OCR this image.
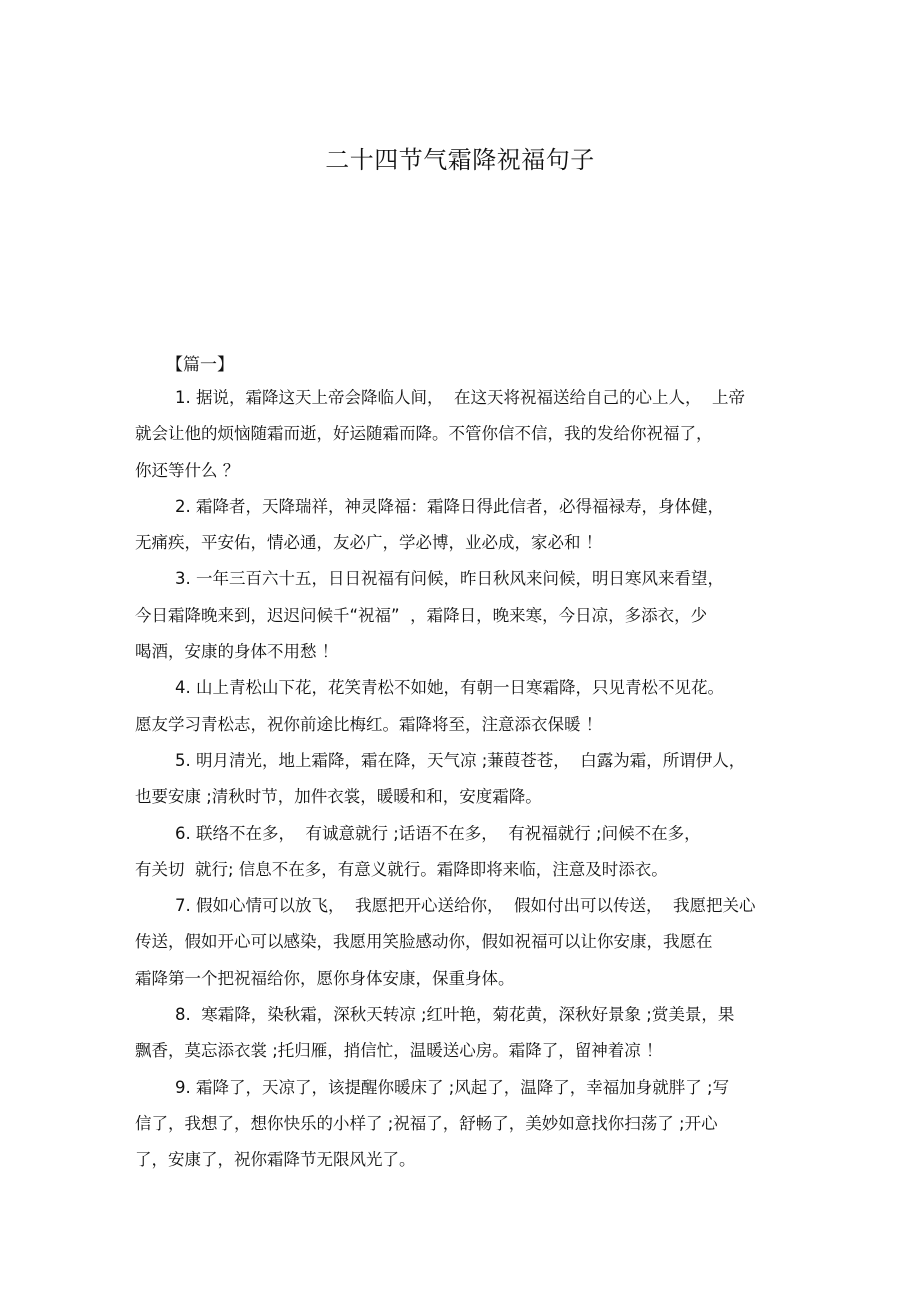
二十四节气霜降祝福句子
【篇一】
1. 据说，霜降这天上帝会降临人间，  在这天将祝福送给自己的心上人，  上帝
就会让他的烦恼随霜而逝，好运随霜而降。不管你信不信，我的发给你祝福了，
你还等什么 ？
2. 霜降者，天降瑞祥，神灵降福：霜降日得此信者，必得福禄寿，身体健，
无痛疾，平安佑，情必通，友必广，学必博，业必成，家必和 ！
3. 一年三百六十五，日日祝福有问候，昨日秋风来问候，明日寒风来看望，
今日霜降晚来到，迟迟问候千“祝福”  ，霜降日，晚来寒，今日凉，多添衣，少
喝酒，安康的身体不用愁 ！
4. 山上青松山下花，花笑青松不如她，有朝一日寒霜降，只见青松不见花。
愿友学习青松志，祝你前途比梅红。霜降将至，注意添衣保暖 ！
5. 明月清光，地上霜降，霜在降，天气凉 ;蒹葭苍苍，  白露为霜，所谓伊人，
也要安康 ;清秋时节，加件衣裳，暖暖和和，安度霜降。
6. 联络不在多，  有诚意就行 ;话语不在多，  有祝福就行 ;问候不在多，
有关切  就行; 信息不在多，有意义就行。霜降即将来临，注意及时添衣。
7. 假如心情可以放飞，  我愿把开心送给你，  假如付出可以传送，  我愿把关心
传送，假如开心可以感染，我愿用笑脸感动你，假如祝福可以让你安康，我愿在
霜降第一个把祝福给你，愿你身体安康，保重身体。
8.  寒霜降，染秋霜，深秋天转凉 ;红叶艳，菊花黄，深秋好景象 ;赏美景，果
飘香，莫忘添衣裳 ;托归雁，捎信忙，温暖送心房。霜降了，留神着凉 ！
9. 霜降了，天凉了，该提醒你暖床了 ;风起了，温降了，幸福加身就胖了 ;写
信了，我想了，想你快乐的小样了 ;祝福了，舒畅了，美妙如意找你扫荡了 ;开心
了，安康了，祝你霜降节无限风光了。
